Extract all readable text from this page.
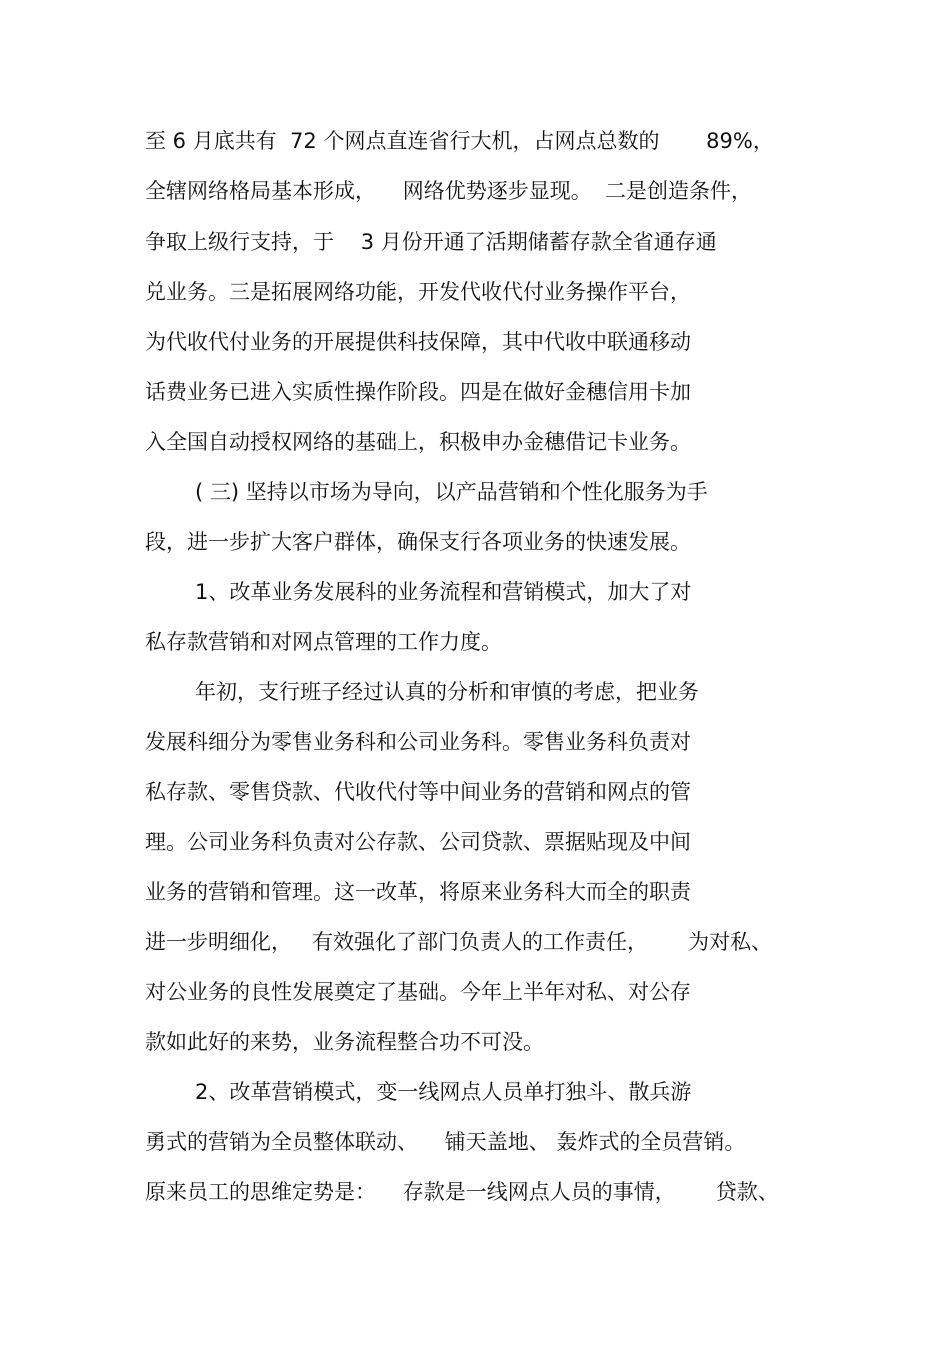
至 6 月底共有  72 个网点直连省行大机，占网点总数的       89%，
全辖网络格局基本形成，    网络优势逐步显现。  二是创造条件，
争取上级行支持，于    3 月份开通了活期储蓄存款全省通存通
兑业务。三是拓展网络功能，开发代收代付业务操作平台，
为代收代付业务的开展提供科技保障，其中代收中联通移动
话费业务已进入实质性操作阶段。四是在做好金穗信用卡加
入全国自动授权网络的基础上，积极申办金穗借记卡业务。
( 三) 坚持以市场为导向，以产品营销和个性化服务为手
段，进一步扩大客户群体，确保支行各项业务的快速发展。
1、改革业务发展科的业务流程和营销模式，加大了对
私存款营销和对网点管理的工作力度。
年初，支行班子经过认真的分析和审慎的考虑，把业务
发展科细分为零售业务科和公司业务科。零售业务科负责对
私存款、零售贷款、代收代付等中间业务的营销和网点的管
理。公司业务科负责对公存款、公司贷款、票据贴现及中间
业务的营销和管理。这一改革，将原来业务科大而全的职责
进一步明细化，   有效强化了部门负责人的工作责任，      为对私、
对公业务的良性发展奠定了基础。今年上半年对私、对公存
款如此好的来势，业务流程整合功不可没。
2、改革营销模式，变一线网点人员单打独斗、散兵游
勇式的营销为全员整体联动、    铺天盖地、 轰炸式的全员营销。
原来员工的思维定势是：    存款是一线网点人员的事情，      贷款、
